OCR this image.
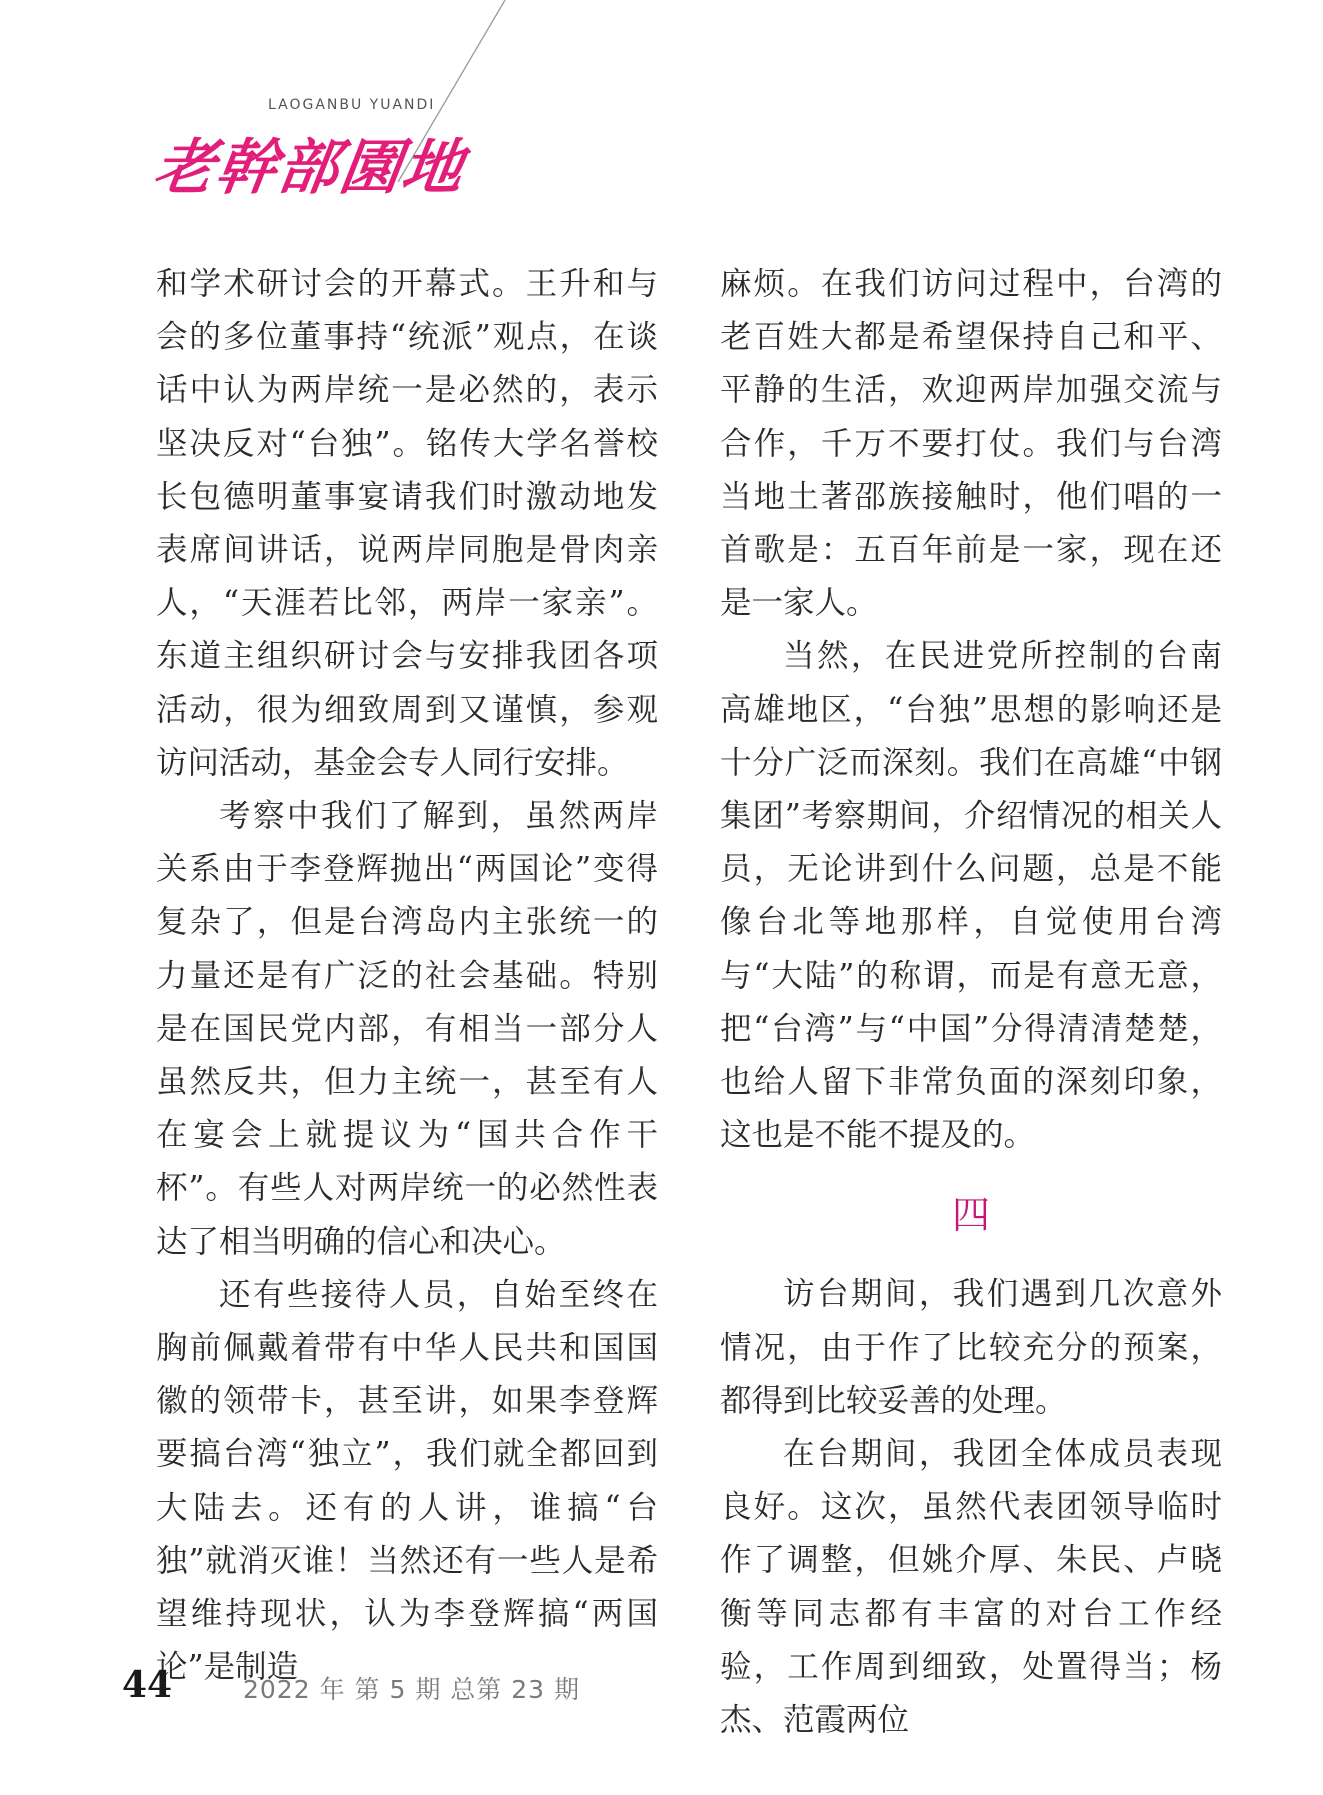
LAOGANBU YUANDI
老幹部園地

和学术研讨会的开幕式。王升和与会的多位董事持“统派”观点，在谈话中认为两岸统一是必然的，表示坚决反对“台独”。铭传大学名誉校长包德明董事宴请我们时激动地发表席间讲话，说两岸同胞是骨肉亲人，“天涯若比邻，两岸一家亲”。东道主组织研讨会与安排我团各项活动，很为细致周到又谨慎，参观访问活动，基金会专人同行安排。

考察中我们了解到，虽然两岸关系由于李登辉抛出“两国论”变得复杂了，但是台湾岛内主张统一的力量还是有广泛的社会基础。特别是在国民党内部，有相当一部分人虽然反共，但力主统一，甚至有人在宴会上就提议为“国共合作干杯”。有些人对两岸统一的必然性表达了相当明确的信心和决心。

还有些接待人员，自始至终在胸前佩戴着带有中华人民共和国国徽的领带卡，甚至讲，如果李登辉要搞台湾“独立”，我们就全都回到大陆去。还有的人讲，谁搞“台独”就消灭谁！当然还有一些人是希望维持现状，认为李登辉搞“两国论”是制造

麻烦。在我们访问过程中，台湾的老百姓大都是希望保持自己和平、平静的生活，欢迎两岸加强交流与合作，千万不要打仗。我们与台湾当地土著邵族接触时，他们唱的一首歌是：五百年前是一家，现在还是一家人。

当然，在民进党所控制的台南高雄地区，“台独”思想的影响还是十分广泛而深刻。我们在高雄“中钢集团”考察期间，介绍情况的相关人员，无论讲到什么问题，总是不能像台北等地那样，自觉使用台湾与“大陆”的称谓，而是有意无意，把“台湾”与“中国”分得清清楚楚，也给人留下非常负面的深刻印象，这也是不能不提及的。

四

访台期间，我们遇到几次意外情况，由于作了比较充分的预案，都得到比较妥善的处理。

在台期间，我团全体成员表现良好。这次，虽然代表团领导临时作了调整，但姚介厚、朱民、卢晓衡等同志都有丰富的对台工作经验，工作周到细致，处置得当；杨杰、范霞两位

44	2022 年 第 5 期 总第 23 期
